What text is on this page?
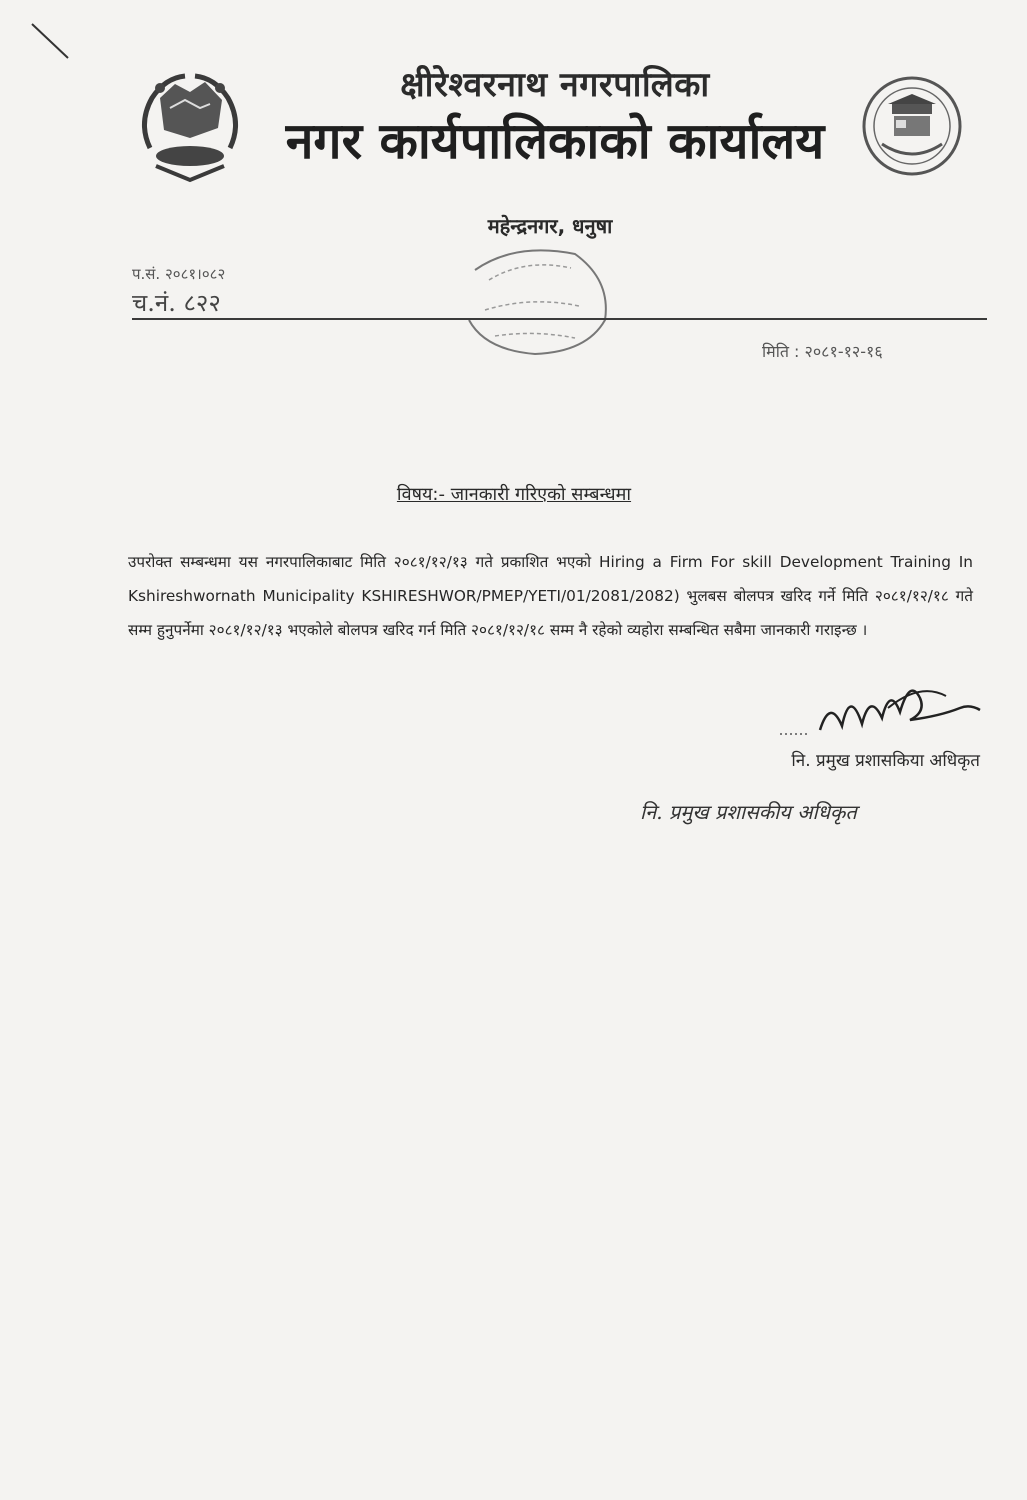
क्षीरेश्वरनाथ नगरपालिका
नगर कार्यपालिकाको कार्यालय
महेन्द्रनगर, धनुषा
प.सं. २०८१।०८२
च.नं. ८२२
मिति : २०८१-१२-१६
विषय:- जानकारी गरिएको सम्बन्धमा
उपरोक्त सम्बन्धमा यस नगरपालिकाबाट मिति २०८१/१२/१३ गते प्रकाशित भएको Hiring a Firm For skill Development Training In Kshireshwornath Municipality KSHIRESHWOR/PMEP/YETI/01/2081/2082) भुलबस बोलपत्र खरिद गर्ने मिति २०८१/१२/१८ गते सम्म हुनुपर्नेमा २०८१/१२/१३ भएकोले बोलपत्र खरिद गर्न मिति २०८१/१२/१८ सम्म नै रहेको व्यहोरा सम्बन्धित सबैमा जानकारी गराइन्छ ।
नि. प्रमुख प्रशासकिया अधिकृत
नि. प्रमुख प्रशासकीय अधिकृत
